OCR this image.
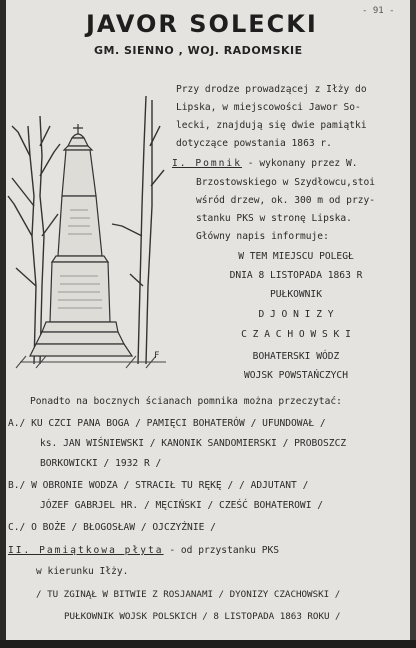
- 91 -
JAVOR SOLECKI
GM. SIENNO , WOJ. RADOMSKIE
F
Przy drodze prowadzącej z Iłży do
Lipska, w miejscowości Jawor So-
lecki, znajdują się dwie pamiątki
dotyczące powstania 1863 r.
I. Pomnik - wykonany przez W.
Brzostowskiego w Szydłowcu,stoi
wśród drzew, ok. 300 m od przy-
stanku PKS w stronę Lipska.
Główny napis informuje:
W TEM MIEJSCU POLEGŁ
DNIA 8 LISTOPADA 1863 R
PUŁKOWNIK
D J O N I Z Y
C Z A C H O W S K I
BOHATERSKI WÓDZ
WOJSK POWSTAŃCZYCH
Ponadto na bocznych ścianach pomnika można przeczytać:
A./ KU CZCI PANA BOGA / PAMIĘCI BOHATERÓW / UFUNDOWAŁ /
ks. JAN WIŚNIEWSKI / KANONIK SANDOMIERSKI / PROBOSZCZ
BORKOWICKI / 1932 R /
B./ W OBRONIE WODZA / STRACIŁ TU RĘKĘ / / ADJUTANT /
JÓZEF GABRJEL HR. / MĘCIŃSKI / CZEŚĆ BOHATEROWI /
C./ O BOŻE / BŁOGOSŁAW / OJCZYŹNIE /
II. Pamiątkowa płyta - od przystanku PKS
w kierunku Iłży.
/ TU ZGINĄŁ W BITWIE Z ROSJANAMI / DYONIZY CZACHOWSKI /
PUŁKOWNIK WOJSK POLSKICH / 8 LISTOPADA 1863 ROKU /
